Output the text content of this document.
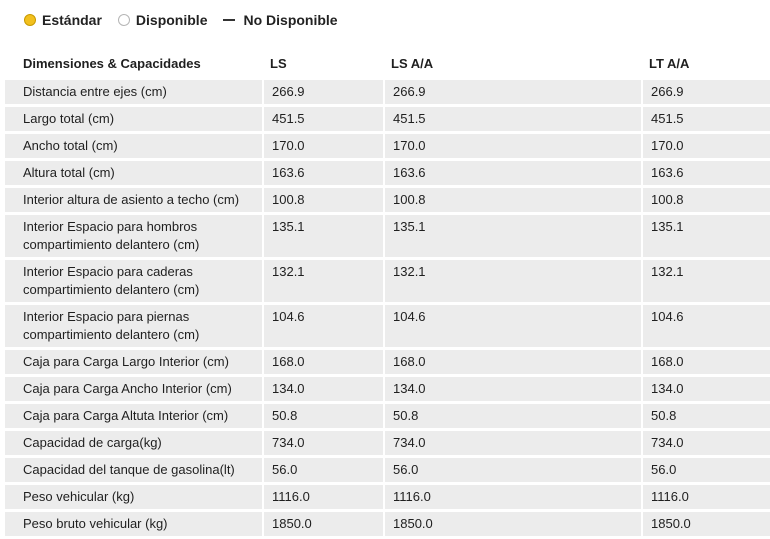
Estándar Disponible	No Disponible
Dimensiones & Capacidades	LS	LS A/A	LT A/A
Distancia entre ejes (cm)	266.9	266.9	266.9
Largo total (cm)	451.5	451.5	451.5
Ancho total (cm)	170.0	170.0	170.0
Altura total (cm)	163.6	163.6	163.6
Interior altura de asiento a techo (cm)	100.8	100.8	100.8
Interior Espacio para hombros compartimiento delantero (cm)	135.1	135.1	135.1
Interior Espacio para caderas compartimiento delantero (cm)	132.1	132.1	132.1
Interior Espacio para piernas compartimiento delantero (cm)	104.6	104.6	104.6
Caja para Carga Largo Interior (cm)	168.0	168.0	168.0
Caja para Carga Ancho Interior (cm)	134.0	134.0	134.0
Caja para Carga Altuta Interior (cm)	50.8	50.8	50.8
Capacidad de carga(kg)	734.0	734.0	734.0
Capacidad del tanque de gasolina(lt)	56.0	56.0	56.0
Peso vehicular (kg)	1116.0	1116.0	1116.0
Peso bruto vehicular (kg)	1850.0	1850.0	1850.0
